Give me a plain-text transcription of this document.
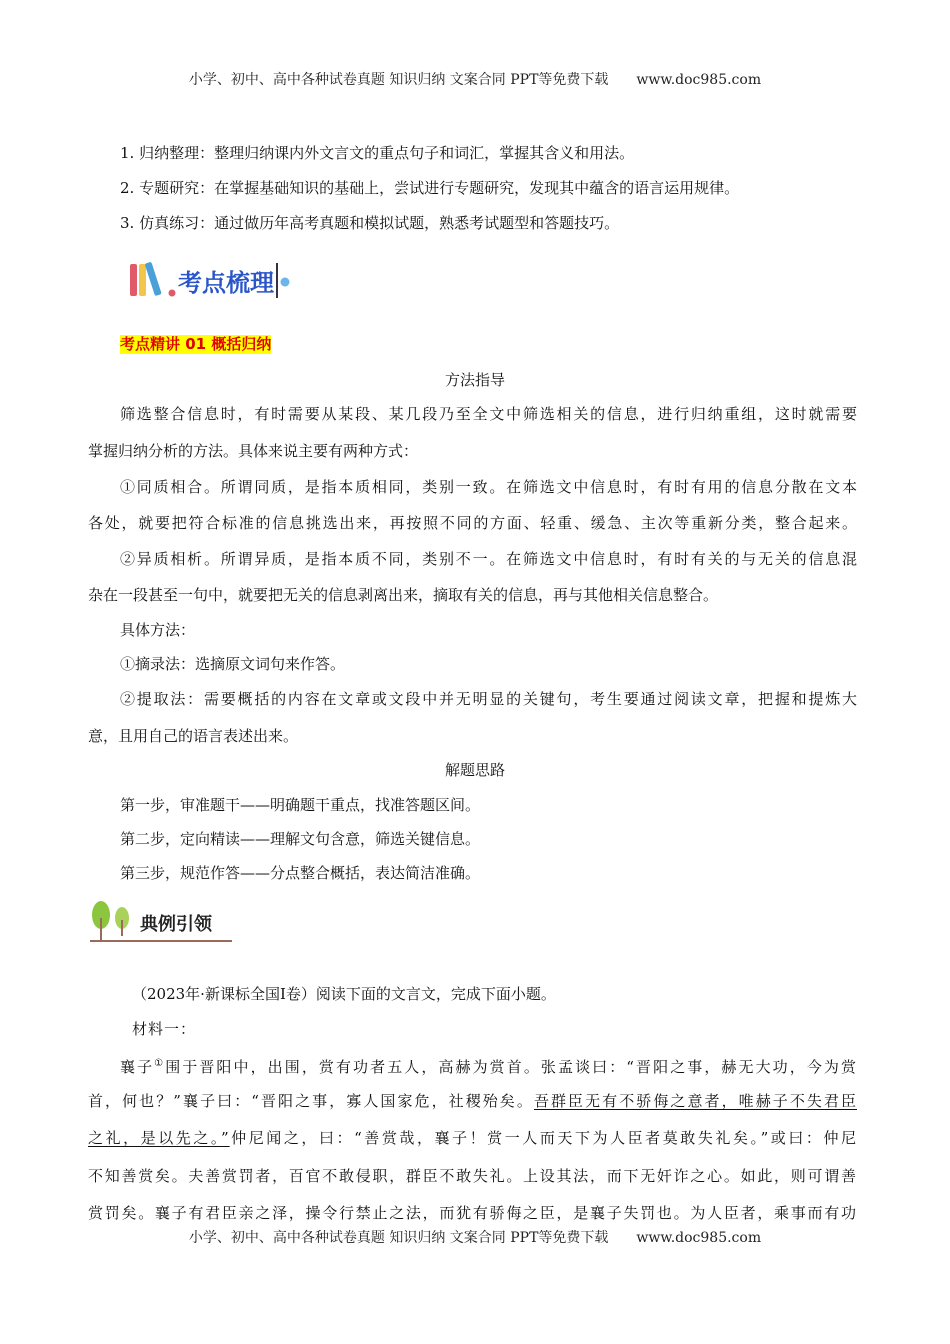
小学、初中、高中各种试卷真题 知识归纳 文案合同 PPT等免费下载　　www.doc985.com
1. 归纳整理：整理归纳课内外文言文的重点句子和词汇，掌握其含义和用法。
2. 专题研究：在掌握基础知识的基础上，尝试进行专题研究，发现其中蕴含的语言运用规律。
3. 仿真练习：通过做历年高考真题和模拟试题，熟悉考试题型和答题技巧。
考点梳理
考点精讲 01 概括归纳
方法指导
筛选整合信息时，有时需要从某段、某几段乃至全文中筛选相关的信息，进行归纳重组，这时就需要
掌握归纳分析的方法。具体来说主要有两种方式：
①同质相合。所谓同质，是指本质相同，类别一致。在筛选文中信息时，有时有用的信息分散在文本
各处，就要把符合标准的信息挑选出来，再按照不同的方面、轻重、缓急、主次等重新分类，整合起来。
②异质相析。所谓异质，是指本质不同，类别不一。在筛选文中信息时，有时有关的与无关的信息混
杂在一段甚至一句中，就要把无关的信息剥离出来，摘取有关的信息，再与其他相关信息整合。
具体方法：
①摘录法：选摘原文词句来作答。
②提取法：需要概括的内容在文章或文段中并无明显的关键句，考生要通过阅读文章，把握和提炼大
意，且用自己的语言表述出来。
解题思路
第一步，审准题干——明确题干重点，找准答题区间。
第二步，定向精读——理解文句含意，筛选关键信息。
第三步，规范作答——分点整合概括，表达简洁准确。
典例引领
（2023年·新课标全国Ⅰ卷）阅读下面的文言文，完成下面小题。
材料一：
襄子①围于晋阳中，出围，赏有功者五人，高赫为赏首。张孟谈曰：“晋阳之事，赫无大功，今为赏
首，何也？”襄子曰：“晋阳之事，寡人国家危，社稷殆矣。吾群臣无有不骄侮之意者，唯赫子不失君臣
之礼，是以先之。”仲尼闻之，曰：“善赏哉，襄子！赏一人而天下为人臣者莫敢失礼矣。”或曰：仲尼
不知善赏矣。夫善赏罚者，百官不敢侵职，群臣不敢失礼。上设其法，而下无奸诈之心。如此，则可谓善
赏罚矣。襄子有君臣亲之泽，操令行禁止之法，而犹有骄侮之臣，是襄子失罚也。为人臣者，乘事而有功
小学、初中、高中各种试卷真题 知识归纳 文案合同 PPT等免费下载　　www.doc985.com
